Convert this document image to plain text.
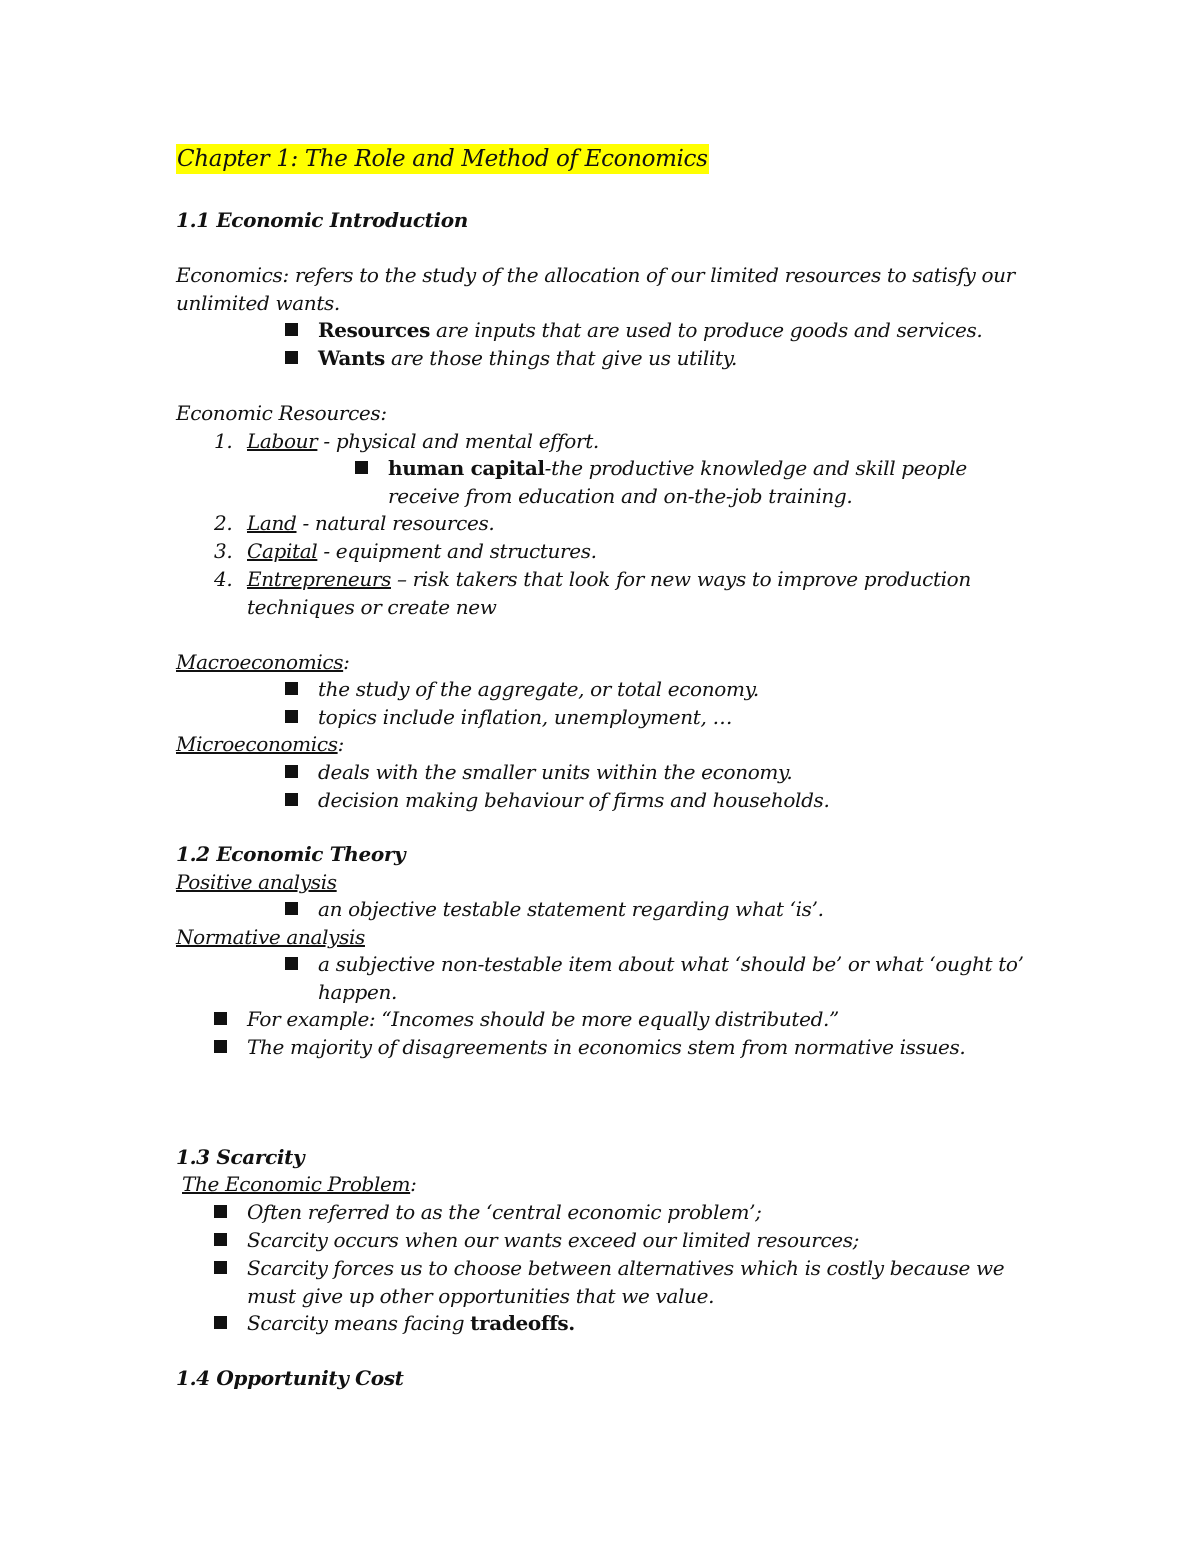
Chapter 1: The Role and Method of Economics
1.1 Economic Introduction
Economics: refers to the study of the allocation of our limited resources to satisfy our
unlimited wants.
Resources are inputs that are used to produce goods and services.
Wants are those things that give us utility.
Economic Resources:
1. Labour - physical and mental effort.
human capital-the productive knowledge and skill people
receive from education and on-the-job training.
2. Land - natural resources.
3. Capital - equipment and structures.
4. Entrepreneurs – risk takers that look for new ways to improve production
techniques or create new
Macroeconomics:
the study of the aggregate, or total economy.
topics include inflation, unemployment, …
Microeconomics:
deals with the smaller units within the economy.
decision making behaviour of firms and households.
1.2 Economic Theory
Positive analysis
an objective testable statement regarding what ‘is’.
Normative analysis
a subjective non-testable item about what ‘should be’ or what ‘ought to’
happen.
For example: “Incomes should be more equally distributed.”
The majority of disagreements in economics stem from normative issues.
1.3 Scarcity
The Economic Problem:
Often referred to as the ‘central economic problem’;
Scarcity occurs when our wants exceed our limited resources;
Scarcity forces us to choose between alternatives which is costly because we
must give up other opportunities that we value.
Scarcity means facing tradeoffs.
1.4 Opportunity Cost
